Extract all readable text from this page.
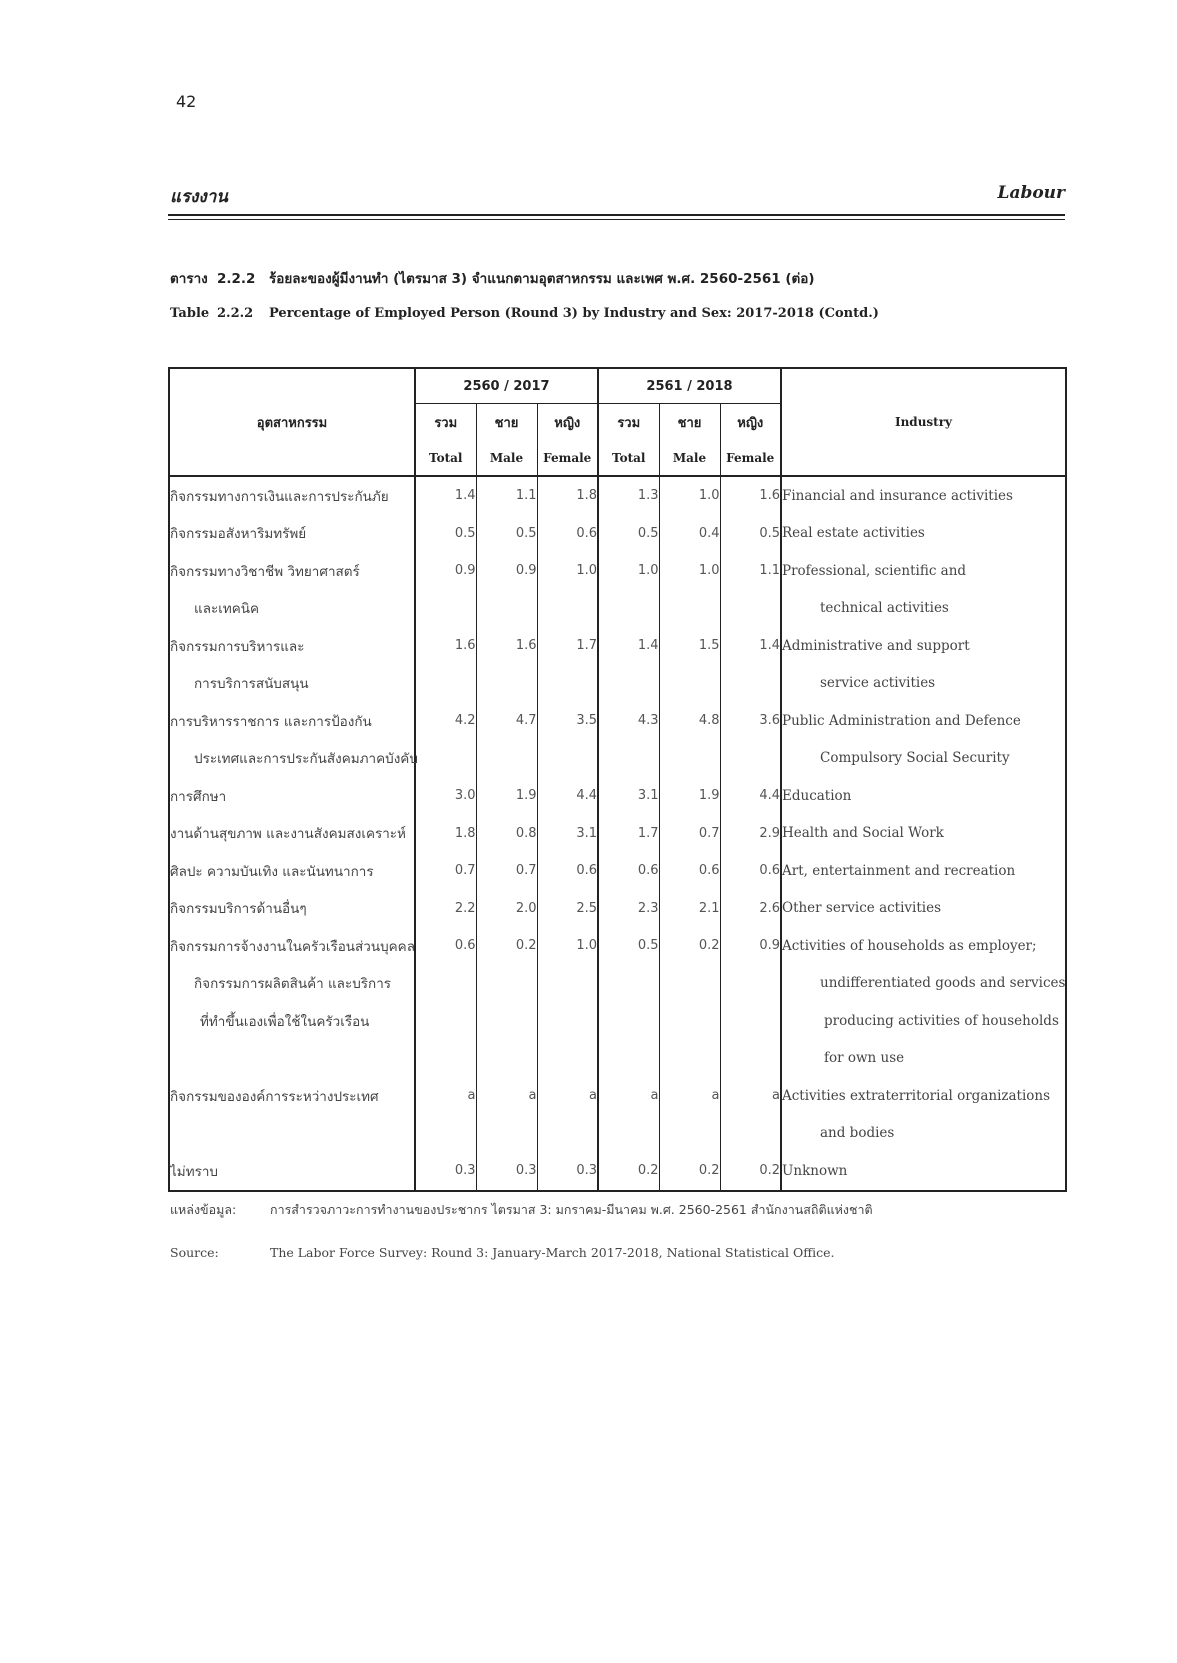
42
แรงงาน	Labour
ตาราง 2.2.2 ร้อยละของผู้มีงานทำ (ไตรมาส 3) จำแนกตามอุตสาหกรรม และเพศ พ.ศ. 2560-2561 (ต่อ)
Table 2.2.2 Percentage of Employed Person (Round 3) by Industry and Sex: 2017-2018 (Contd.)
อุตสาหกรรม	2560 / 2017			2561 / 2018			Industry
	รวม	ชาย	หญิง	รวม	ชาย	หญิง	
	Total	Male	Female	Total	Male	Female	
กิจกรรมทางการเงินและการประกันภัย	1.4	1.1	1.8	1.3	1.0	1.6	Financial and insurance activities
กิจกรรมอสังหาริมทรัพย์	0.5	0.5	0.6	0.5	0.4	0.5	Real estate activities
กิจกรรมทางวิชาชีพ วิทยาศาสตร์	0.9	0.9	1.0	1.0	1.0	1.1	Professional, scientific and
และเทคนิค							technical activities
กิจกรรมการบริหารและ	1.6	1.6	1.7	1.4	1.5	1.4	Administrative and support
การบริการสนับสนุน							service activities
การบริหารราชการ และการป้องกัน	4.2	4.7	3.5	4.3	4.8	3.6	Public Administration and Defence
ประเทศและการประกันสังคมภาคบังคับ							Compulsory Social Security
การศึกษา	3.0	1.9	4.4	3.1	1.9	4.4	Education
งานด้านสุขภาพ และงานสังคมสงเคราะห์	1.8	0.8	3.1	1.7	0.7	2.9	Health and Social Work
ศิลปะ ความบันเทิง และนันทนาการ	0.7	0.7	0.6	0.6	0.6	0.6	Art, entertainment and recreation
กิจกรรมบริการด้านอื่นๆ	2.2	2.0	2.5	2.3	2.1	2.6	Other service activities
กิจกรรมการจ้างงานในครัวเรือนส่วนบุคคล	0.6	0.2	1.0	0.5	0.2	0.9	Activities of households as employer;
กิจกรรมการผลิตสินค้า และบริการ							undifferentiated goods and services
ที่ทำขึ้นเองเพื่อใช้ในครัวเรือน							producing activities of households
							for own use
กิจกรรมขององค์การระหว่างประเทศ	a	a	a	a	a	a	Activities extraterritorial organizations
							and bodies
ไม่ทราบ	0.3	0.3	0.3	0.2	0.2	0.2	Unknown
แหล่งข้อมูล:	การสำรวจภาวะการทำงานของประชากร ไตรมาส 3: มกราคม-มีนาคม พ.ศ. 2560-2561 สำนักงานสถิติแห่งชาติ
Source:	The Labor Force Survey: Round 3: January-March 2017-2018, National Statistical Office.
